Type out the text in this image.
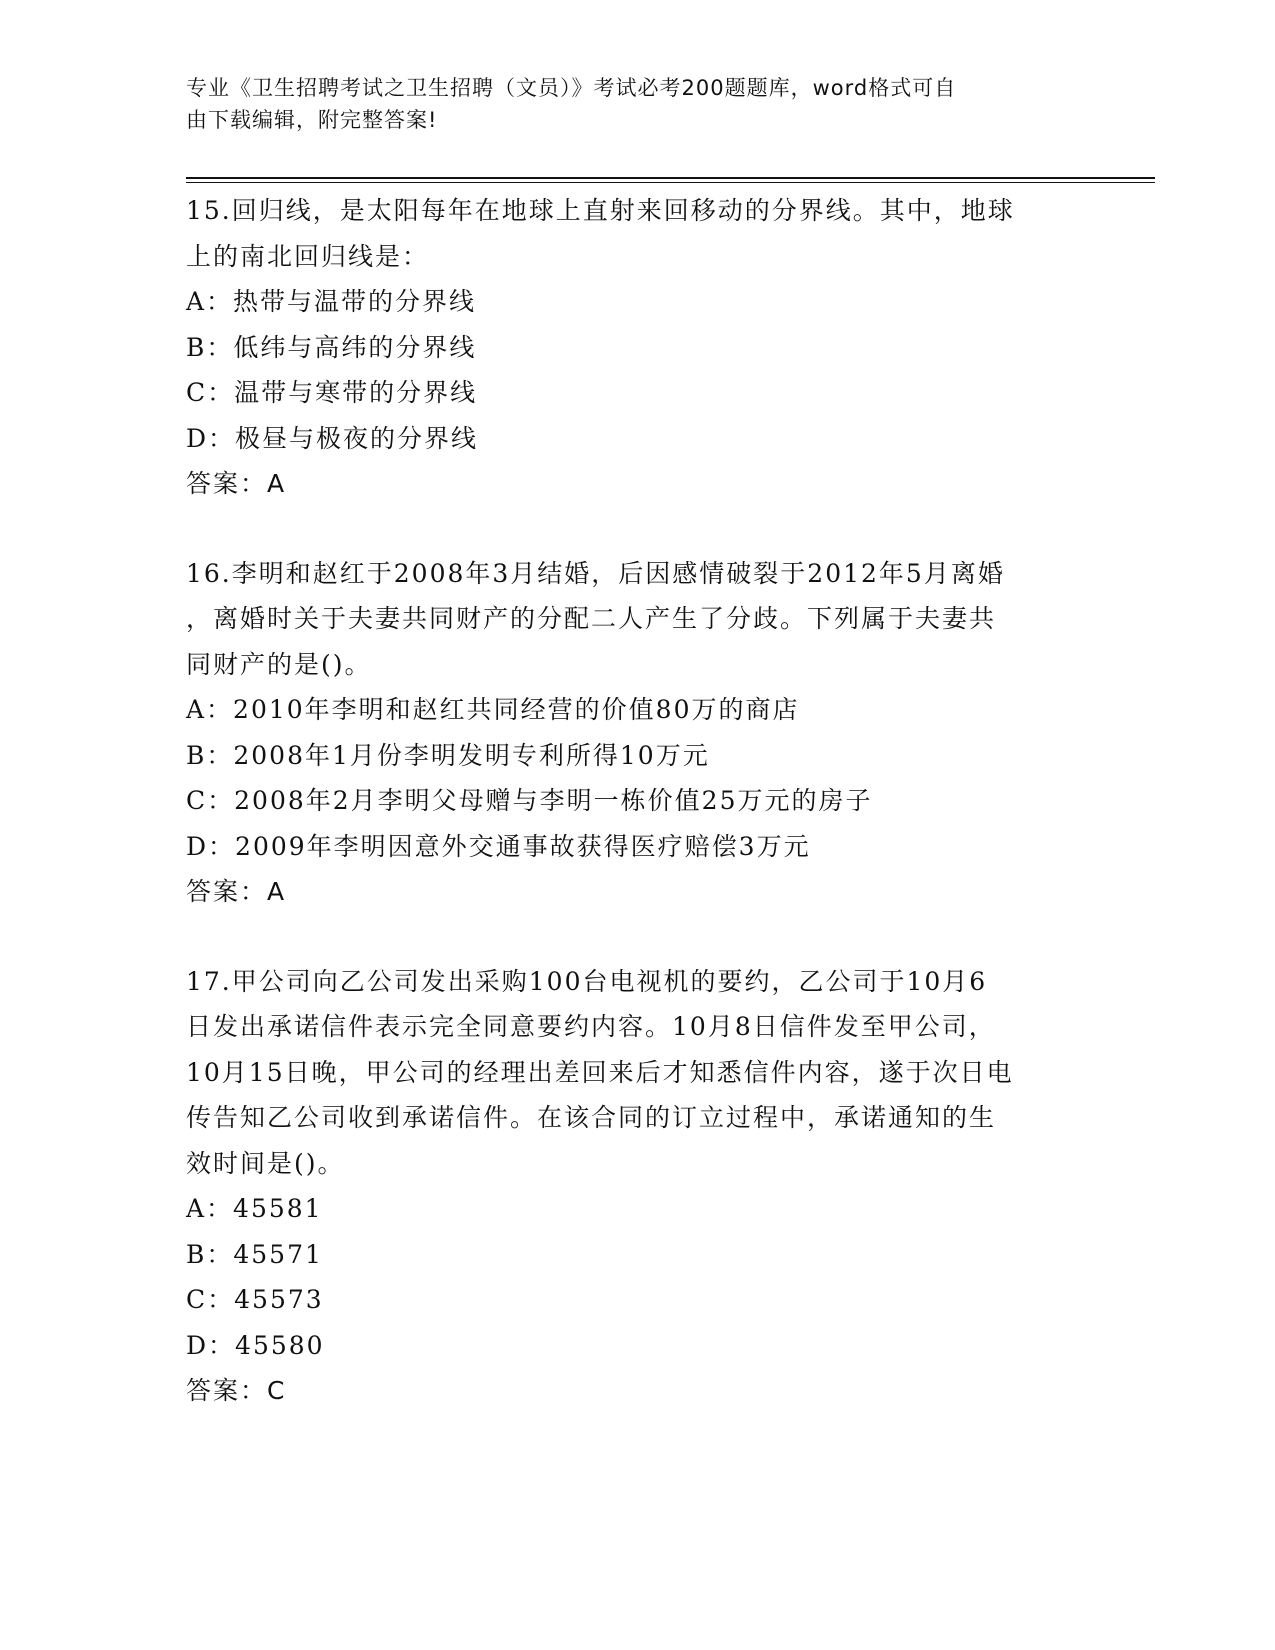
专业《卫生招聘考试之卫生招聘（文员）》考试必考200题题库，word格式可自
由下载编辑，附完整答案!
15.回归线，是太阳每年在地球上直射来回移动的分界线。其中，地球
上的南北回归线是：
A：热带与温带的分界线
B：低纬与高纬的分界线
C：温带与寒带的分界线
D：极昼与极夜的分界线
答案：A
16.李明和赵红于2008年3月结婚，后因感情破裂于2012年5月离婚
，离婚时关于夫妻共同财产的分配二人产生了分歧。下列属于夫妻共
同财产的是()。
A：2010年李明和赵红共同经营的价值80万的商店
B：2008年1月份李明发明专利所得10万元
C：2008年2月李明父母赠与李明一栋价值25万元的房子
D：2009年李明因意外交通事故获得医疗赔偿3万元
答案：A
17.甲公司向乙公司发出采购100台电视机的要约，乙公司于10月6
日发出承诺信件表示完全同意要约内容。10月8日信件发至甲公司，
10月15日晚，甲公司的经理出差回来后才知悉信件内容，遂于次日电
传告知乙公司收到承诺信件。在该合同的订立过程中，承诺通知的生
效时间是()。
A：45581
B：45571
C：45573
D：45580
答案：C
